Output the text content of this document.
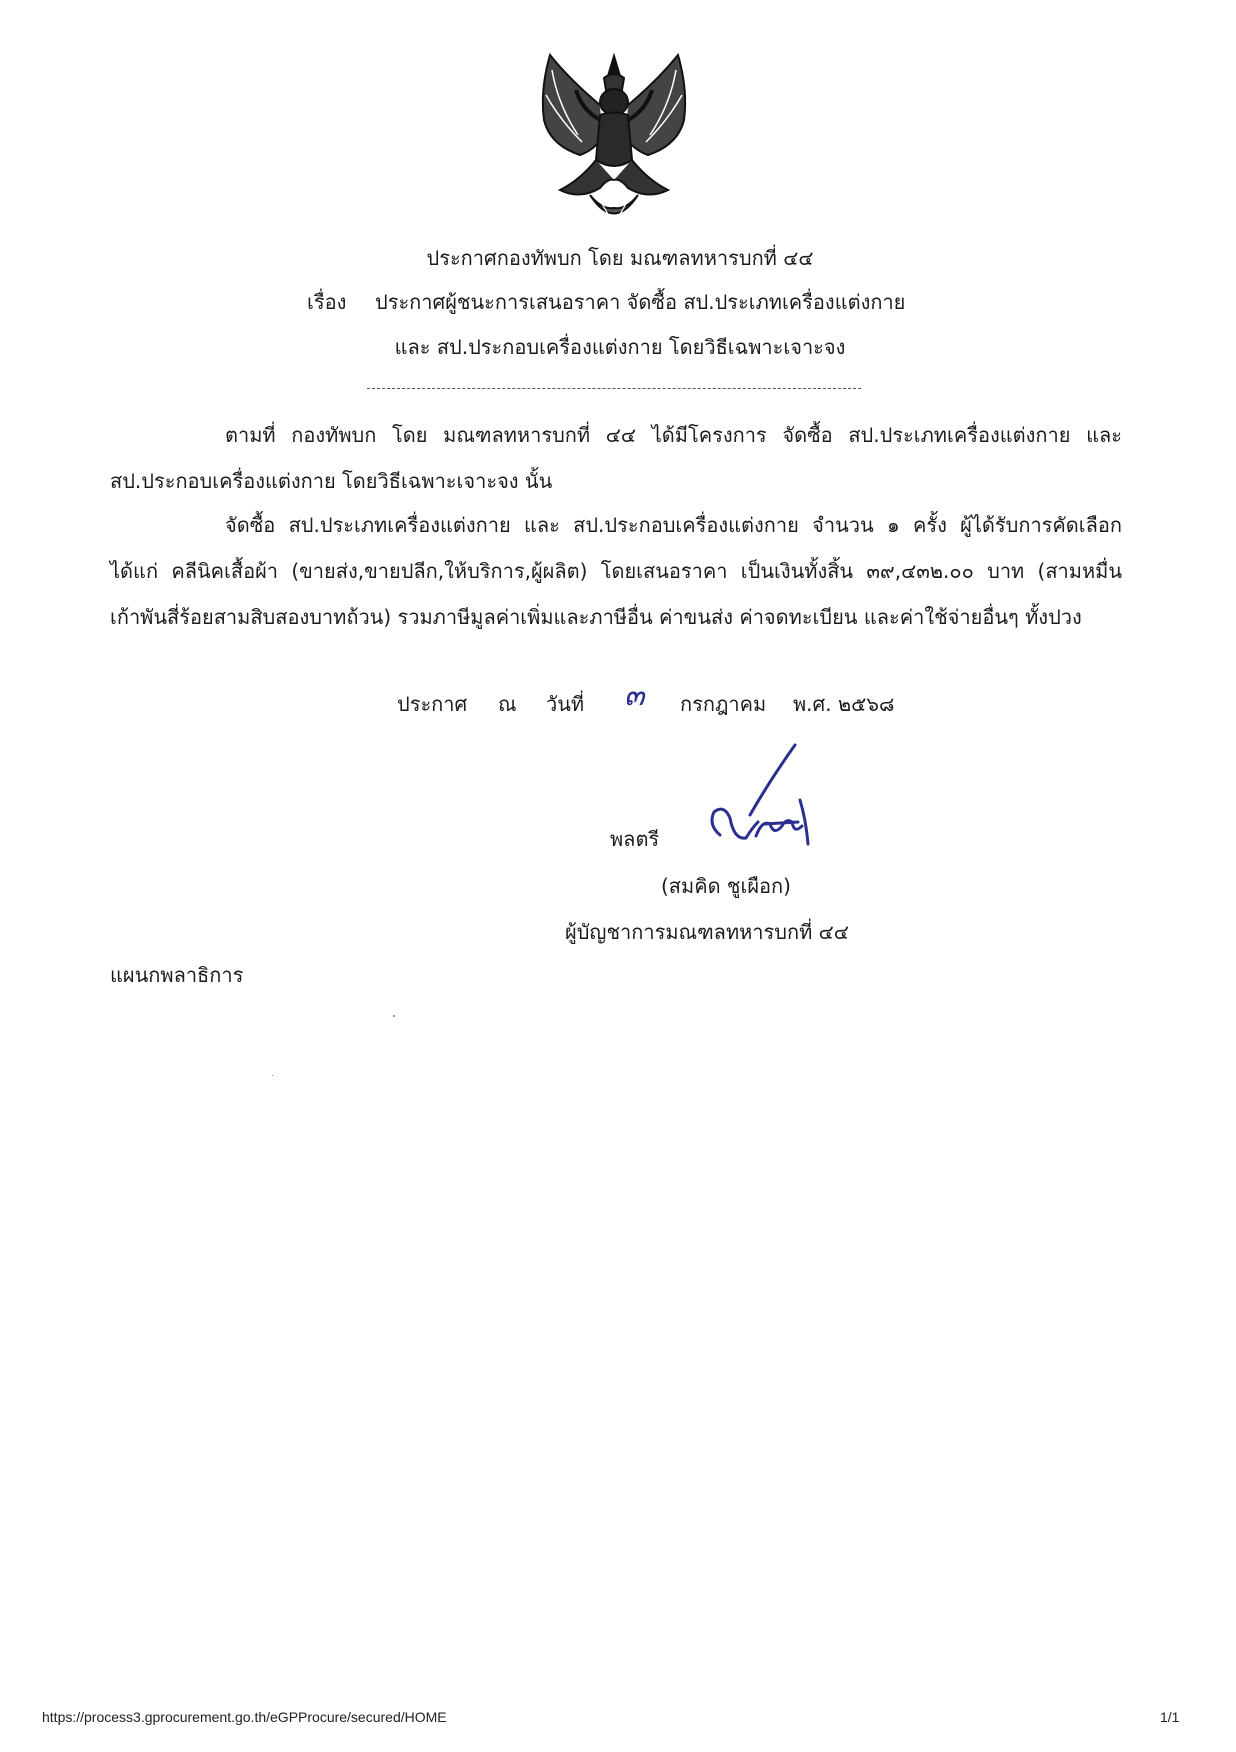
ประกาศกองทัพบก โดย มณฑลทหารบกที่ ๔๔
เรื่อง ประกาศผู้ชนะการเสนอราคา จัดซื้อ สป.ประเภทเครื่องแต่งกาย
และ สป.ประกอบเครื่องแต่งกาย โดยวิธีเฉพาะเจาะจง
ตามที่ กองทัพบก โดย มณฑลทหารบกที่ ๔๔ ได้มีโครงการ จัดซื้อ สป.ประเภทเครื่องแต่งกาย และ
สป.ประกอบเครื่องแต่งกาย โดยวิธีเฉพาะเจาะจง นั้น
จัดซื้อ สป.ประเภทเครื่องแต่งกาย และ สป.ประกอบเครื่องแต่งกาย จำนวน ๑ ครั้ง ผู้ได้รับการคัดเลือก
ได้แก่ คลีนิคเสื้อผ้า (ขายส่ง,ขายปลีก,ให้บริการ,ผู้ผลิต) โดยเสนอราคา เป็นเงินทั้งสิ้น ๓๙,๔๓๒.๐๐ บาท (สามหมื่น
เก้าพันสี่ร้อยสามสิบสองบาทถ้วน) รวมภาษีมูลค่าเพิ่มและภาษีอื่น ค่าขนส่ง ค่าจดทะเบียน และค่าใช้จ่ายอื่นๆ ทั้งปวง
ประกาศ ณ วันที่ ๓ กรกฎาคม พ.ศ. ๒๕๖๘
พลตรี
(สมคิด ชูเผือก)
ผู้บัญชาการมณฑลทหารบกที่ ๔๔
แผนกพลาธิการ
https://process3.gprocurement.go.th/eGPProcure/secured/HOME	1/1
